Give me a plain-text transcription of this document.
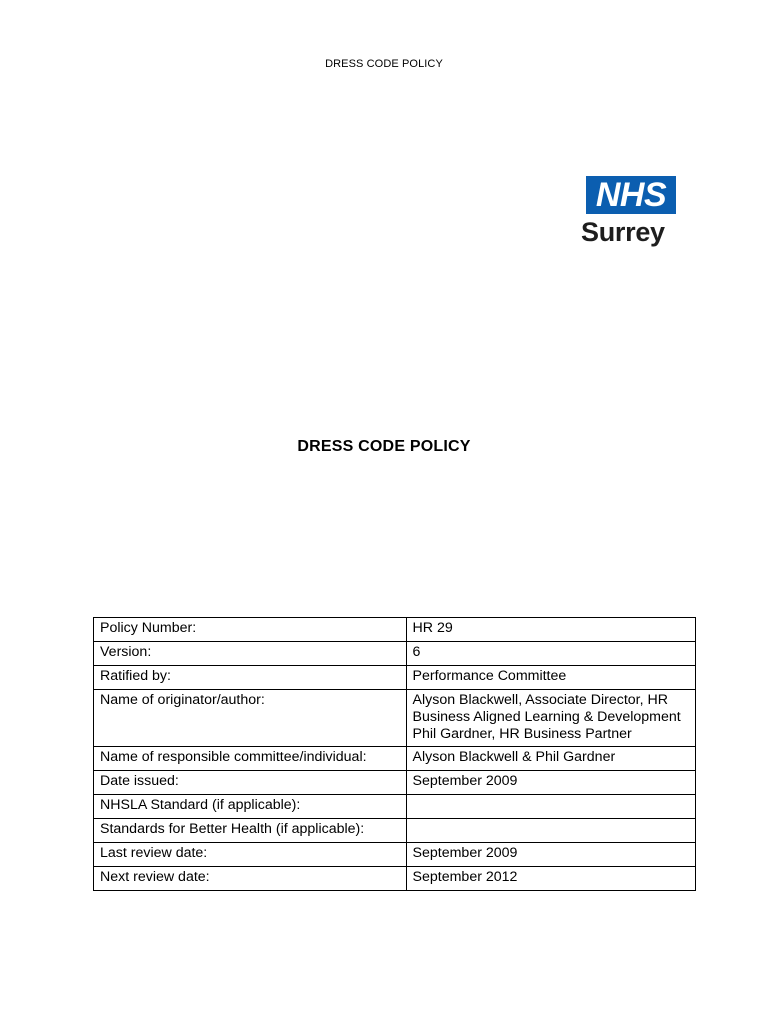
DRESS CODE POLICY
NHS
Surrey
DRESS CODE POLICY
Policy Number:	HR 29
Version:	6
Ratified by:	Performance Committee
Name of originator/author:	Alyson Blackwell, Associate Director, HR Business Aligned Learning & Development
Phil Gardner, HR Business Partner
Name of responsible committee/individual:	Alyson Blackwell & Phil Gardner
Date issued:	September 2009
NHSLA Standard (if applicable):	
Standards for Better Health (if applicable):	
Last review date:	September 2009
Next review date:	September 2012
